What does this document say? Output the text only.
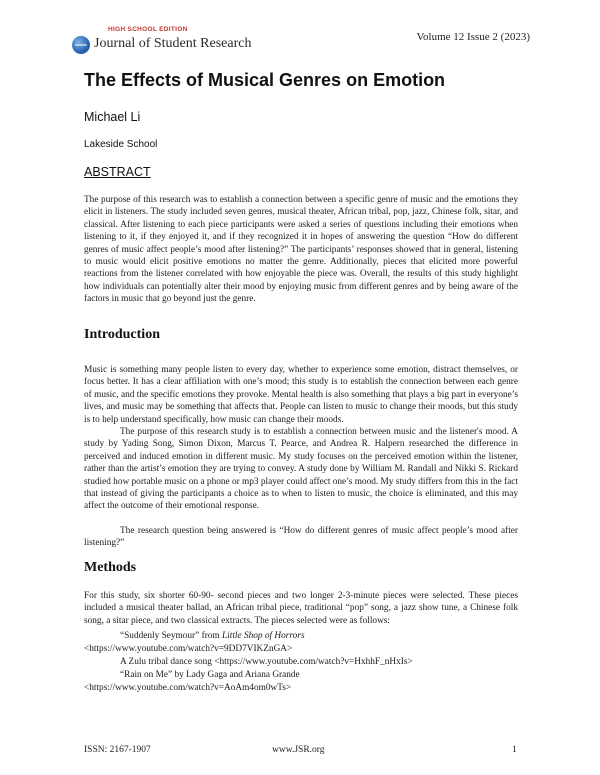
HIGH SCHOOL EDITION
Journal of Student Research	Volume 12 Issue 2 (2023)
The Effects of Musical Genres on Emotion
Michael Li
Lakeside School
ABSTRACT
The purpose of this research was to establish a connection between a specific genre of music and the emotions they elicit in listeners. The study included seven genres, musical theater, African tribal, pop, jazz, Chinese folk, sitar, and classical. After listening to each piece participants were asked a series of questions including their emotions when listening to it, if they enjoyed it, and if they recognized it in hopes of answering the question “How do different genres of music affect people’s mood after listening?” The participants’ responses showed that in general, listening to music would elicit positive emotions no matter the genre. Additionally, pieces that elicited more powerful reactions from the listener correlated with how enjoyable the piece was. Overall, the results of this study highlight how individuals can potentially alter their mood by enjoying music from different genres and by being aware of the factors in music that go beyond just the genre.
Introduction
Music is something many people listen to every day, whether to experience some emotion, distract themselves, or focus better. It has a clear affiliation with one’s mood; this study is to establish the connection between each genre of music, and the specific emotions they provoke. Mental health is also something that plays a big part in everyone’s lives, and music may be something that affects that. People can listen to music to change their moods, but this study is to help understand specifically, how music can change their moods.
The purpose of this research study is to establish a connection between music and the listener's mood. A study by Yading Song, Simon Dixon, Marcus T. Pearce, and Andrea R. Halpern researched the difference in perceived and induced emotion in different music. My study focuses on the perceived emotion within the listener, rather than the artist’s emotion they are trying to convey. A study done by William M. Randall and Nikki S. Rickard studied how portable music on a phone or mp3 player could affect one’s mood. My study differs from this in the fact that instead of giving the participants a choice as to when to listen to music, the choice is eliminated, and this may affect the outcome of their emotional response.
The research question being answered is “How do different genres of music affect people’s mood after listening?”
Methods
For this study, six shorter 60-90- second pieces and two longer 2-3-minute pieces were selected. These pieces included a musical theater ballad, an African tribal piece, traditional “pop” song, a jazz show tune, a Chinese folk song, a sitar piece, and two classical extracts. The pieces selected were as follows:
“Suddenly Seymour” from Little Shop of Horrors
<https://www.youtube.com/watch?v=9DD7VIKZnGA>
A Zulu tribal dance song <https://www.youtube.com/watch?v=HxhhF_nHxIs>
“Rain on Me” by Lady Gaga and Ariana Grande
<https://www.youtube.com/watch?v=AoAm4om0wTs>
ISSN: 2167-1907	www.JSR.org	1
